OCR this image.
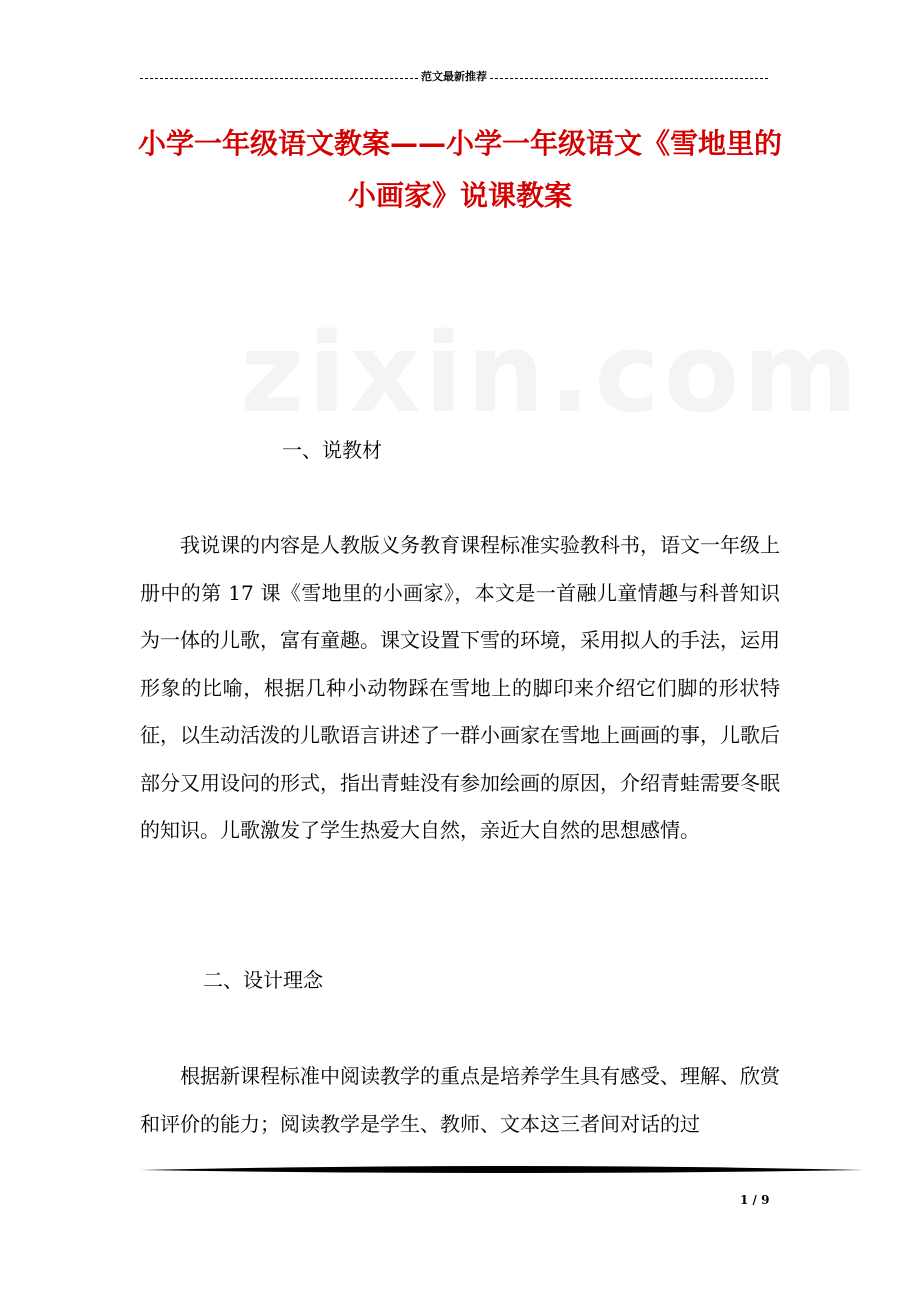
范文最新推荐
小学一年级语文教案——小学一年级语文《雪地里的
小画家》说课教案
一、说教材
我说课的内容是人教版义务教育课程标准实验教科书，语文一年级上册中的第 17 课《雪地里的小画家》，本文是一首融儿童情趣与科普知识为一体的儿歌，富有童趣。课文设置下雪的环境，采用拟人的手法，运用形象的比喻，根据几种小动物踩在雪地上的脚印来介绍它们脚的形状特征，以生动活泼的儿歌语言讲述了一群小画家在雪地上画画的事，儿歌后部分又用设问的形式，指出青蛙没有参加绘画的原因，介绍青蛙需要冬眠的知识。儿歌激发了学生热爱大自然，亲近大自然的思想感情。
二、设计理念
根据新课程标准中阅读教学的重点是培养学生具有感受、理解、欣赏和评价的能力；阅读教学是学生、教师、文本这三者间对话的过
1 / 9
